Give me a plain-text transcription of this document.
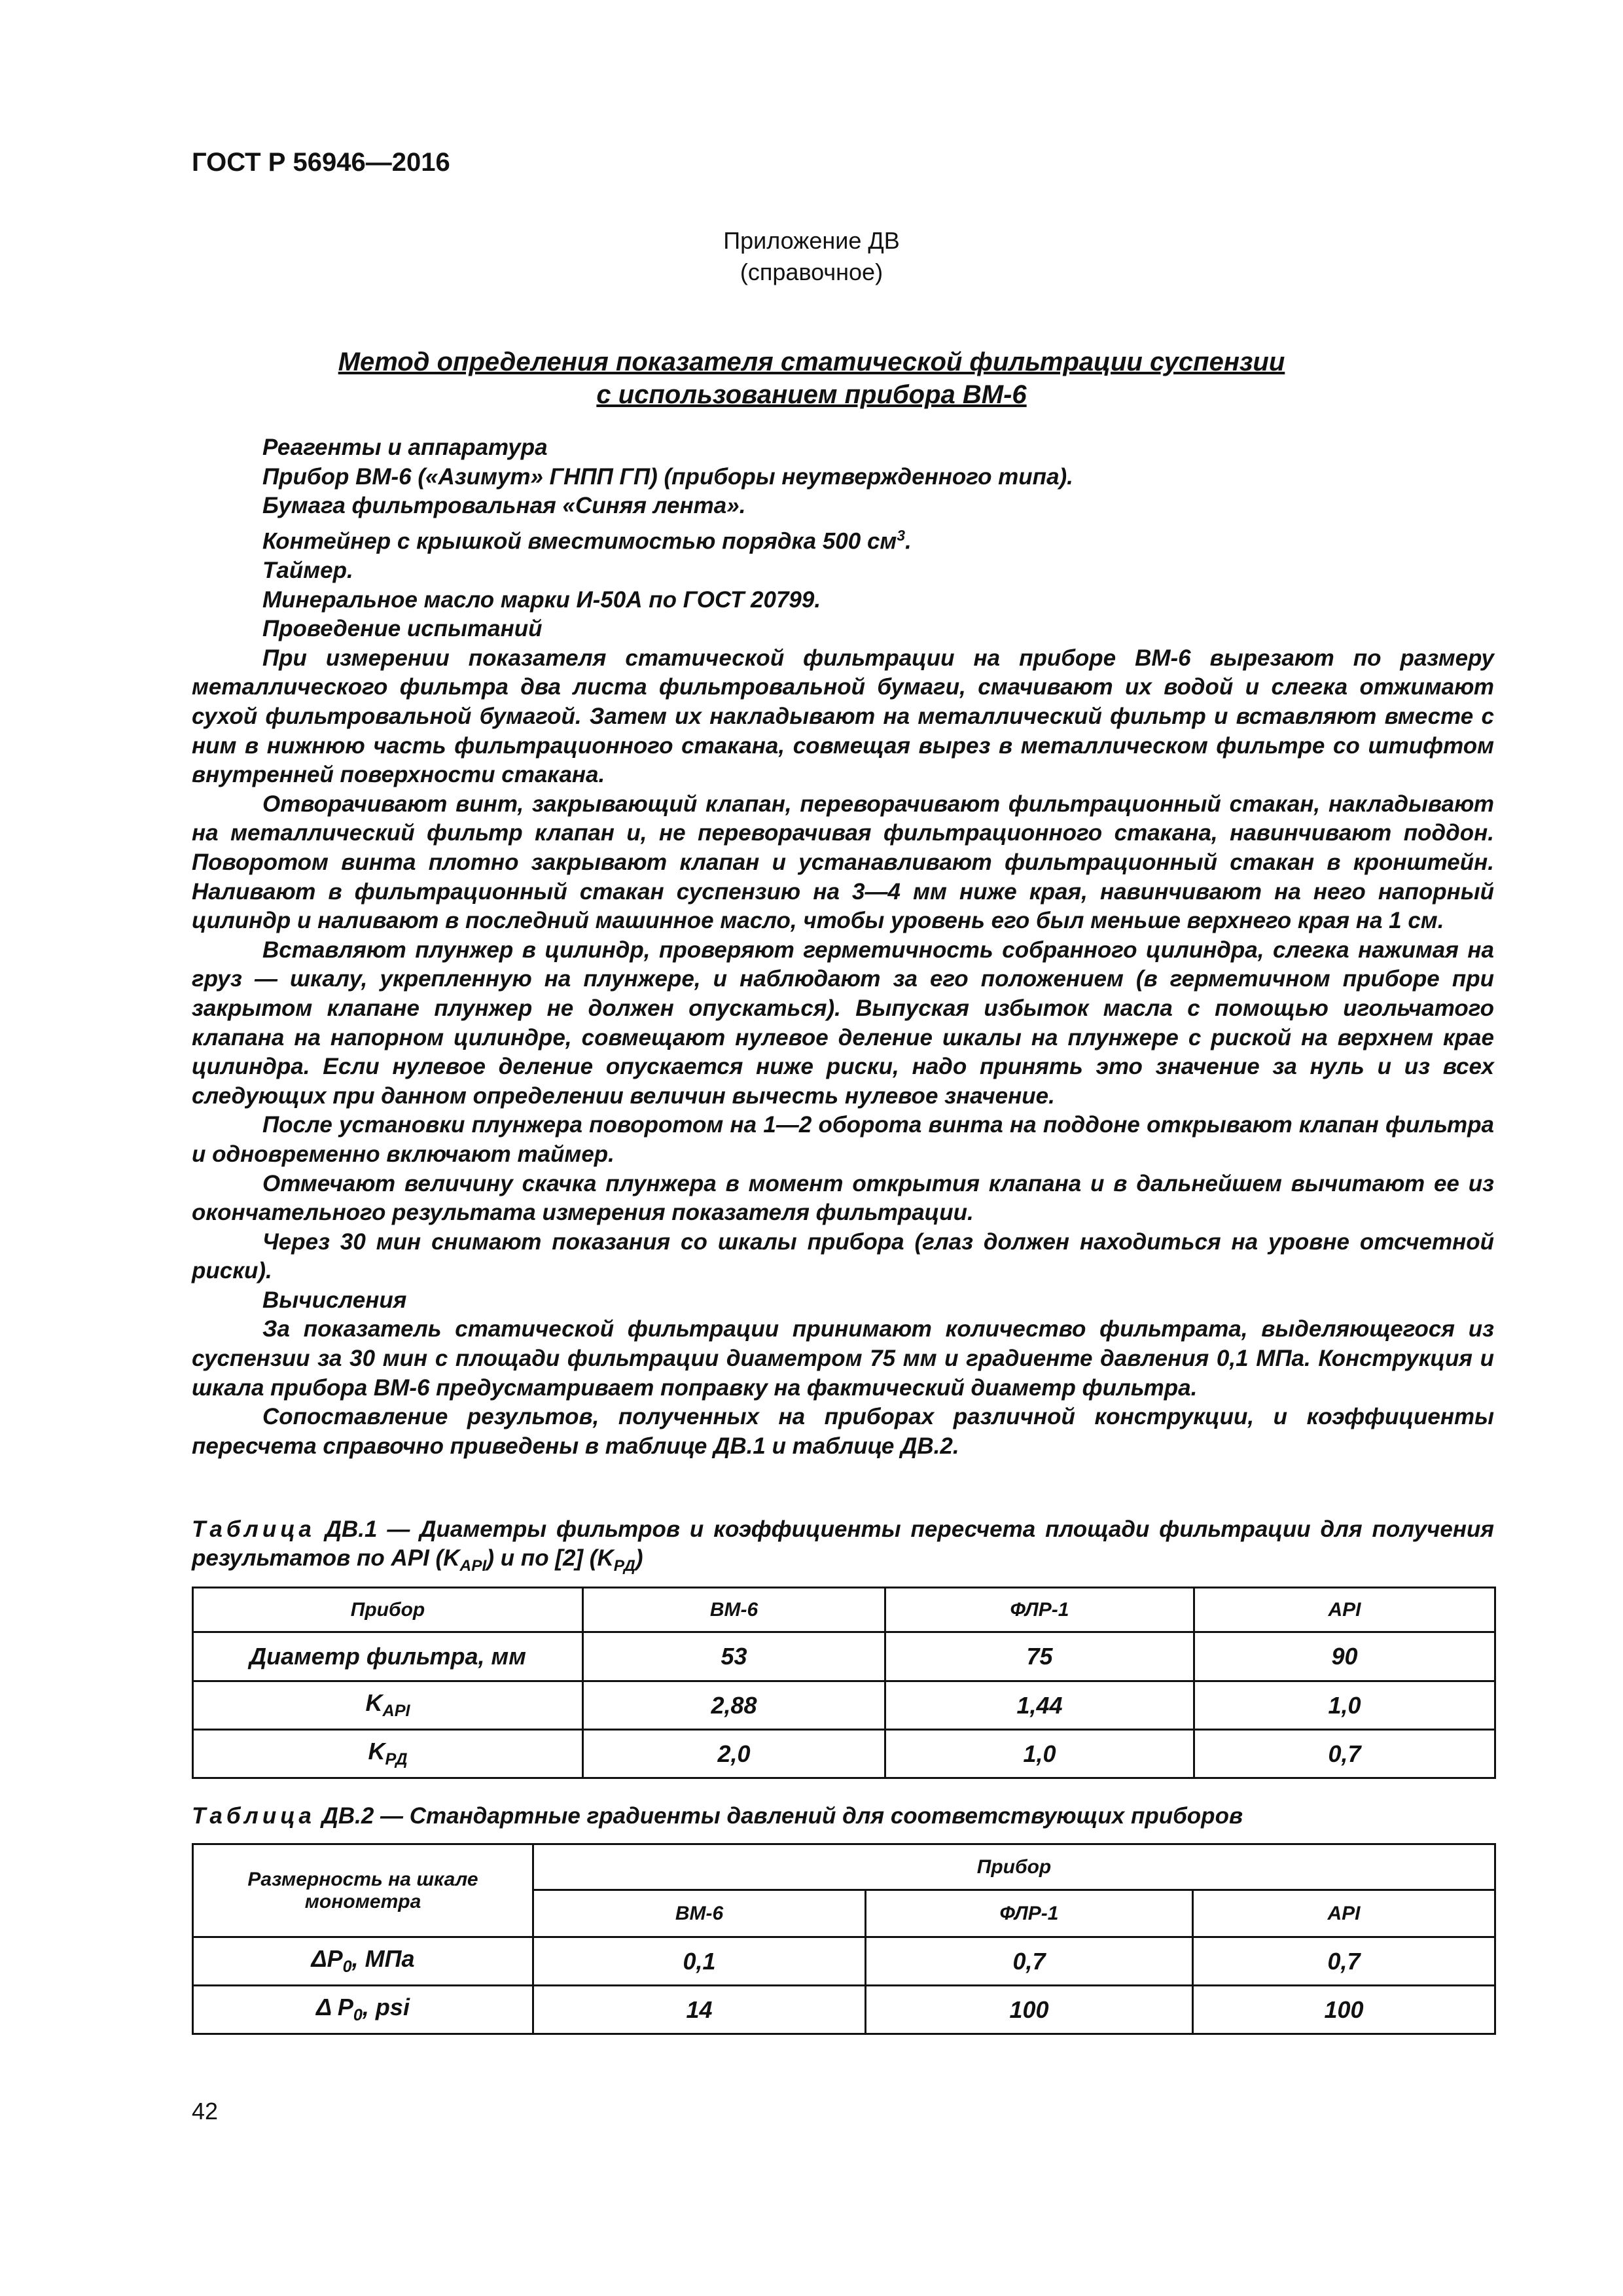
ГОСТ Р 56946—2016
Приложение ДВ
(справочное)
Метод определения показателя статической фильтрации суспензии
с использованием прибора ВМ-6

Реагенты и аппаратура

Прибор ВМ-6 («Азимут» ГНПП ГП) (приборы неутвержденного типа).

Бумага фильтровальная «Синяя лента».

Контейнер с крышкой вместимостью порядка 500 $см^3$.

Таймер.

Минеральное масло марки И-50А по ГОСТ 20799.

Проведение испытаний

При измерении показателя статической фильтрации на приборе ВМ-6 вырезают по размеру металлического фильтра два листа фильтровальной бумаги, смачивают их водой и слегка отжимают сухой фильтровальной бумагой. Затем их накладывают на металлический фильтр и вставляют вместе с ним в нижнюю часть фильтрационного стакана, совмещая вырез в металлическом фильтре со штифтом внутренней поверхности стакана.

Отворачивают винт, закрывающий клапан, переворачивают фильтрационный стакан, накладывают на металлический фильтр клапан и, не переворачивая фильтрационного стакана, навинчивают поддон. Поворотом винта плотно закрывают клапан и устанавливают фильтрационный стакан в кронштейн. Наливают в фильтрационный стакан суспензию на 3—4 мм ниже края, навинчивают на него напорный цилиндр и наливают в последний машинное масло, чтобы уровень его был меньше верхнего края на 1 см.

Вставляют плунжер в цилиндр, проверяют герметичность собранного цилиндра, слегка нажимая на груз — шкалу, укрепленную на плунжере, и наблюдают за его положением (в герметичном приборе при закрытом клапане плунжер не должен опускаться). Выпуская избыток масла с помощью игольчатого клапана на напорном цилиндре, совмещают нулевое деление шкалы на плунжере с риской на верхнем крае цилиндра. Если нулевое деление опускается ниже риски, надо принять это значение за нуль и из всех следующих при данном определении величин вычесть нулевое значение.

После установки плунжера поворотом на 1—2 оборота винта на поддоне открывают клапан фильтра и одновременно включают таймер.

Отмечают величину скачка плунжера в момент открытия клапана и в дальнейшем вычитают ее из окончательного результата измерения показателя фильтрации.

Через 30 мин снимают показания со шкалы прибора (глаз должен находиться на уровне отсчетной риски).

Вычисления

За показатель статической фильтрации принимают количество фильтрата, выделяющегося из суспензии за 30 мин с площади фильтрации диаметром 75 мм и градиенте давления 0,1 МПа. Конструкция и шкала прибора ВМ-6 предусматривает поправку на фактический диаметр фильтра.

Сопоставление результов, полученных на приборах различной конструкции, и коэффициенты пересчета справочно приведены в таблице ДВ.1 и таблице ДВ.2.

Таблица ДВ.1 — Диаметры фильтров и коэффициенты пересчета площади фильтрации для получения результатов по API $(K_{API})$ и по [2] $(K_{РД})$
Прибор	ВМ-6	ФЛР-1	API
Диаметр фильтра, мм	53	75	90
$K_{API}$	2,88	1,44	1,0
$K_{РД}$	2,0	1,0	0,7
Таблица ДВ.2 — Стандартные градиенты давлений для соответствующих приборов
Размерность на шкале монометра	Прибор		
	ВМ-6	ФЛР-1	API
$\Delta P_0$, МПа	0,1	0,7	0,7
Δ $P_0$, psi	14	100	100
42
